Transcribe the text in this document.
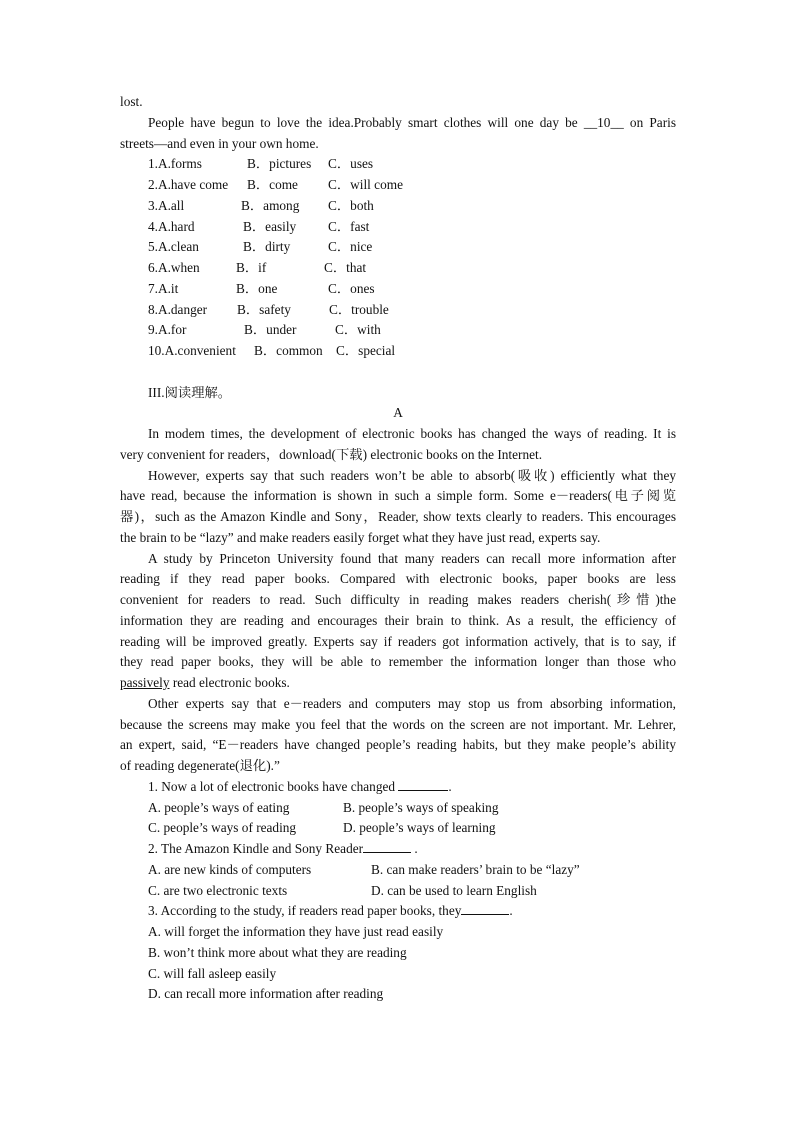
lost.
People have begun to love the idea.Probably smart clothes will one day be __10__ on Paris
streets—and even in your own home.
1.A.forms	B．pictures C．uses
2.A.have come B．come C．will come
3.A.all	B．among C．both
4.A.hard	B．easily C．fast
5.A.clean	B．dirty	C．nice
6.A.when	B．if	C．that
7.A.it	B．one	C．ones
8.A.danger B．safety	C．trouble
9.A.for	B．under	C．with
10.A.convenient B．common C．special
III.阅读理解。
A
In modem times, the development of electronic books has changed the ways of reading. It is
very convenient for readers，download(下载) electronic books on the Internet.
However, experts say that such readers won’t be able to absorb(吸收) efficiently what they
have read, because the information is shown in such a simple form. Some e－readers(电子阅览
器)，such as the Amazon Kindle and Sony，Reader, show texts clearly to readers. This encourages
the brain to be “lazy” and make readers easily forget what they have just read, experts say.
A study by Princeton University found that many readers can recall more information after
reading if they read paper books. Compared with electronic books, paper books are less
convenient for readers to read. Such difficulty in reading makes readers cherish(珍惜)the
information they are reading and encourages their brain to think. As a result, the efficiency of
reading will be improved greatly. Experts say if readers got information actively, that is to say, if
they read paper books, they will be able to remember the information longer than those who
passively read electronic books.
Other experts say that e－readers and computers may stop us from absorbing information,
because the screens may make you feel that the words on the screen are not important. Mr. Lehrer,
an expert, said, “E－readers have changed people’s reading habits, but they make people’s ability
of reading degenerate(退化).”
1. Now a lot of electronic books have changed	.
A. people’s ways of eating	B. people’s ways of speaking
C. people’s ways of reading	D. people’s ways of learning
2. The Amazon Kindle and Sony Reader	.
A. are new kinds of computers	B. can make readers’ brain to be “lazy”
C. are two electronic texts	D. can be used to learn English
3. According to the study, if readers read paper books, they	.
A. will forget the information they have just read easily
B. won’t think more about what they are reading
C. will fall asleep easily
D. can recall more information after reading
